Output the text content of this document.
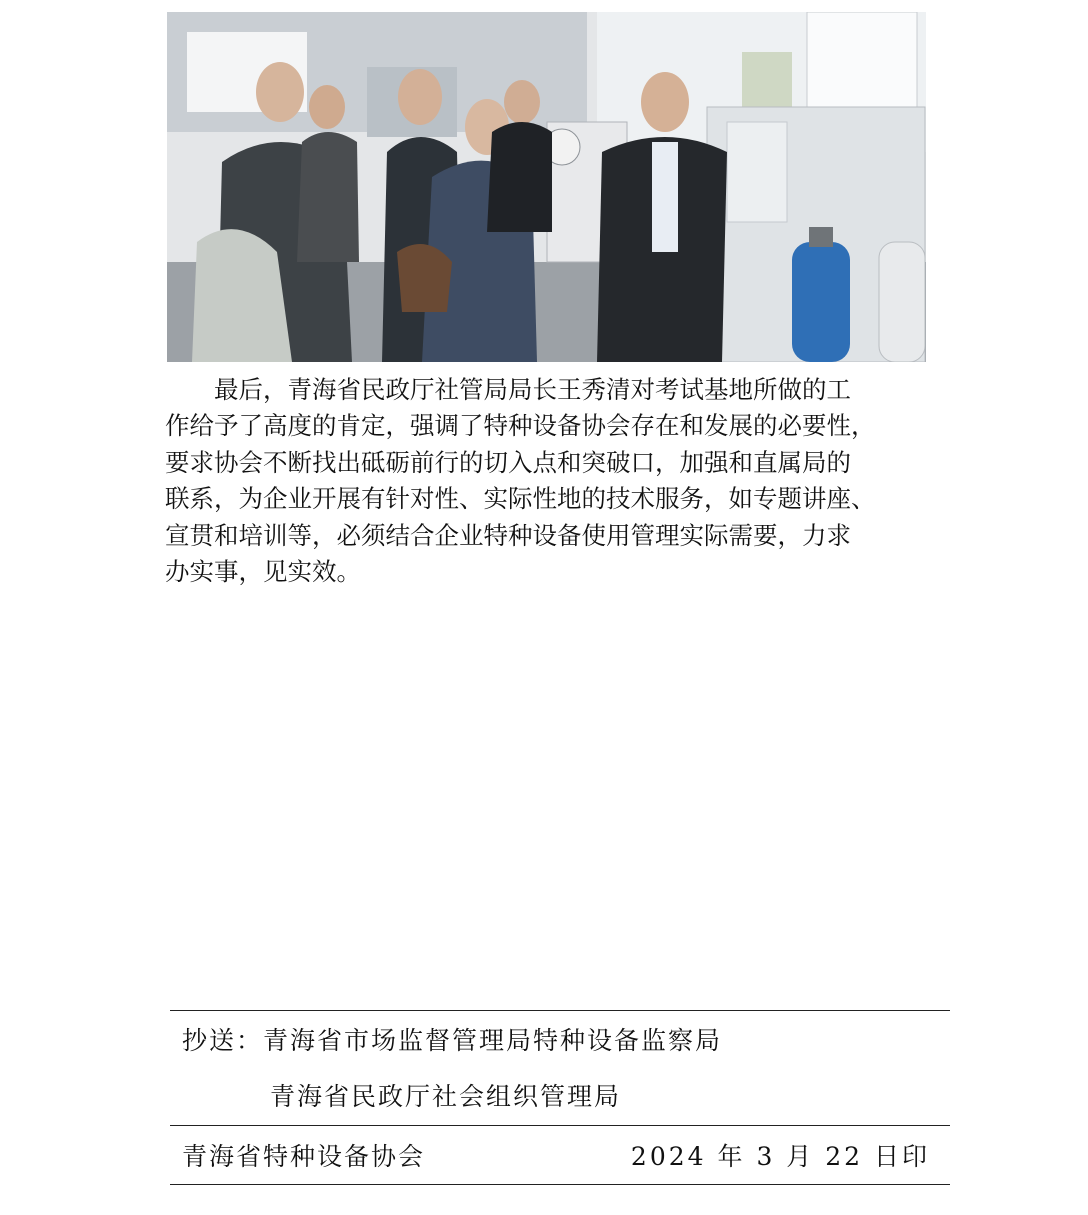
最后，青海省民政厅社管局局长王秀清对考试基地所做的工
作给予了高度的肯定，强调了特种设备协会存在和发展的必要性，
要求协会不断找出砥砺前行的切入点和突破口，加强和直属局的
联系，为企业开展有针对性、实际性地的技术服务，如专题讲座、
宣贯和培训等，必须结合企业特种设备使用管理实际需要，力求
办实事，见实效。

抄送：青海省市场监督管理局特种设备监察局
青海省民政厅社会组织管理局
青海省特种设备协会	2024 年 3 月 22 日印
